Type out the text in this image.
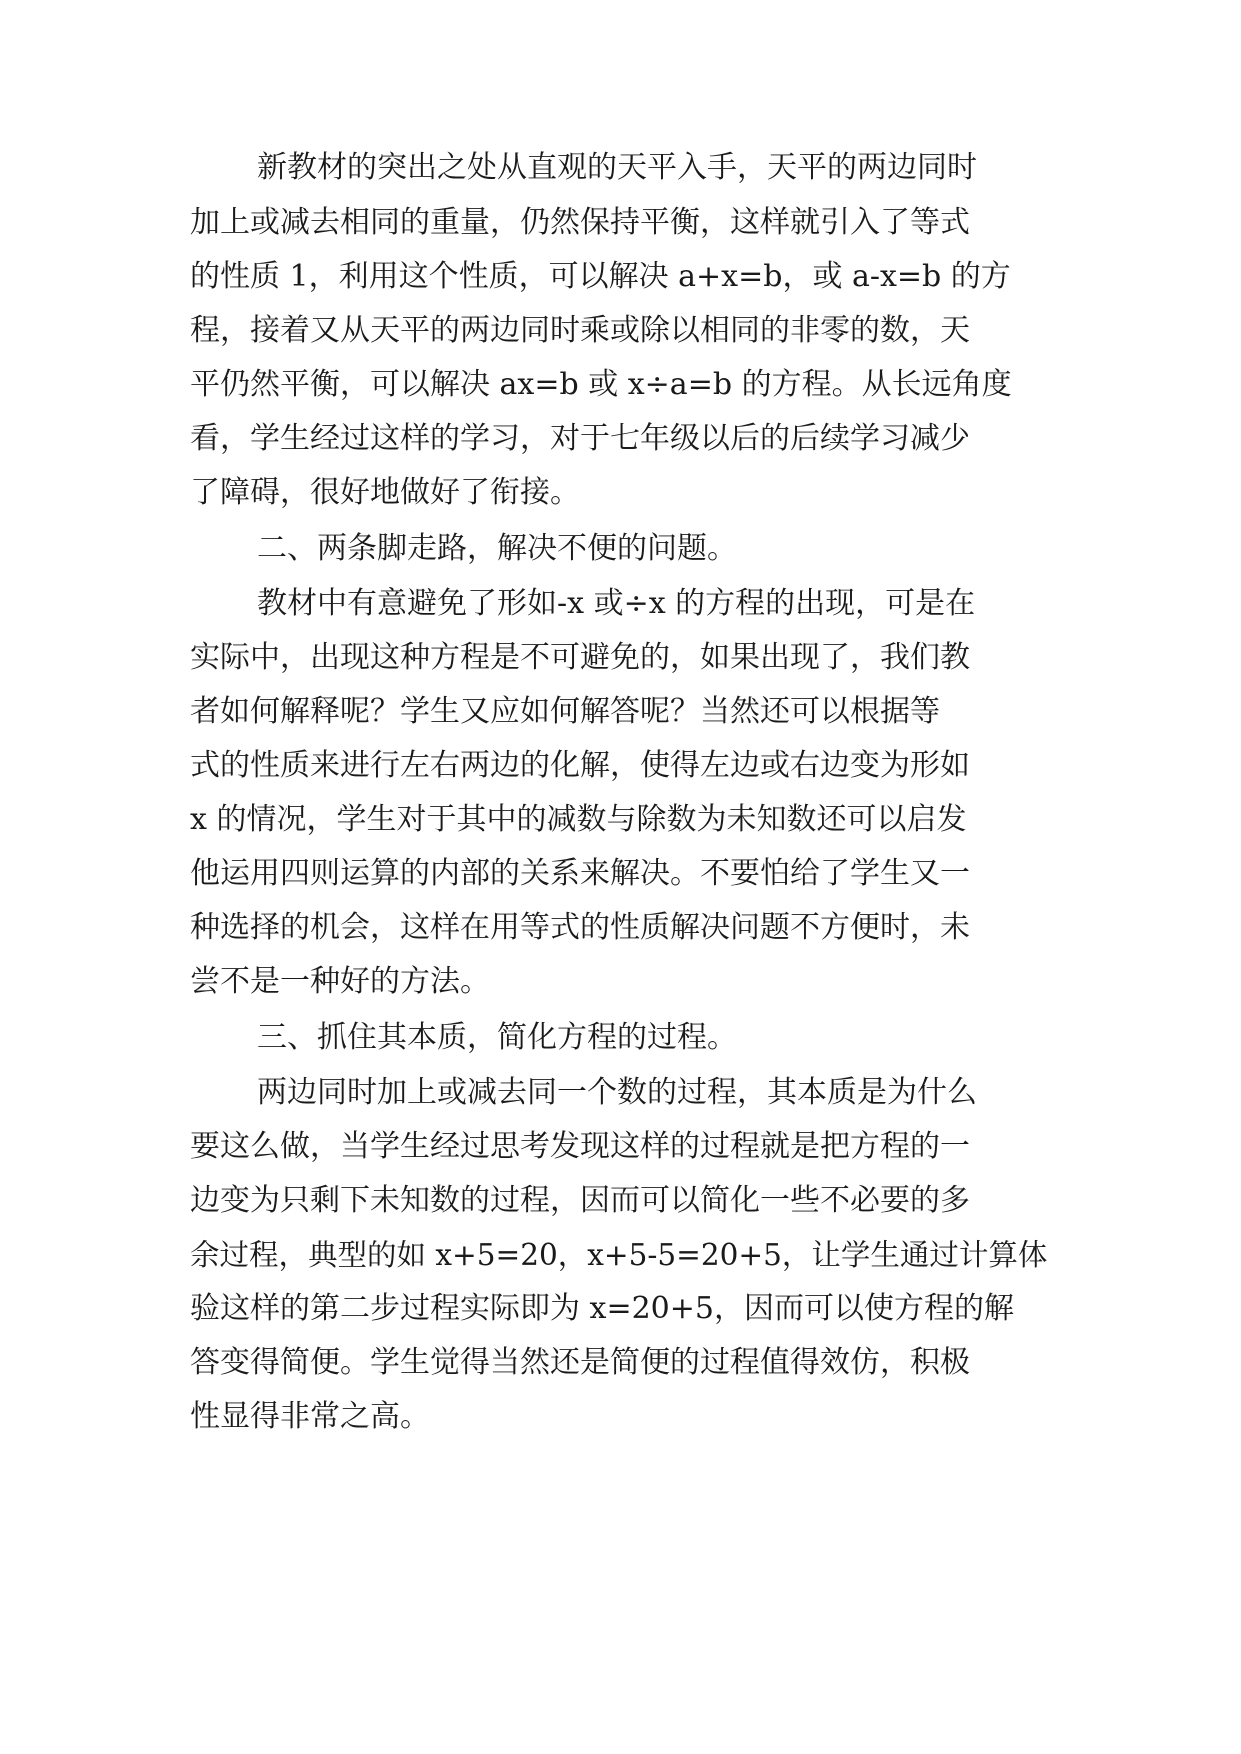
新教材的突出之处从直观的天平入手，天平的两边同时
加上或减去相同的重量，仍然保持平衡，这样就引入了等式
的性质 1，利用这个性质，可以解决 a+x=b，或 a-x=b 的方
程，接着又从天平的两边同时乘或除以相同的非零的数，天
平仍然平衡，可以解决 ax=b 或 x÷a=b 的方程。从长远角度
看，学生经过这样的学习，对于七年级以后的后续学习减少
了障碍，很好地做好了衔接。
二、两条脚走路，解决不便的问题。
教材中有意避免了形如-x 或÷x 的方程的出现，可是在
实际中，出现这种方程是不可避免的，如果出现了，我们教
者如何解释呢？学生又应如何解答呢？当然还可以根据等
式的性质来进行左右两边的化解，使得左边或右边变为形如
x 的情况，学生对于其中的减数与除数为未知数还可以启发
他运用四则运算的内部的关系来解决。不要怕给了学生又一
种选择的机会，这样在用等式的性质解决问题不方便时，未
尝不是一种好的方法。
三、抓住其本质，简化方程的过程。
两边同时加上或减去同一个数的过程，其本质是为什么
要这么做，当学生经过思考发现这样的过程就是把方程的一
边变为只剩下未知数的过程，因而可以简化一些不必要的多
余过程，典型的如 x+5=20，x+5-5=20+5，让学生通过计算体
验这样的第二步过程实际即为 x=20+5，因而可以使方程的解
答变得简便。学生觉得当然还是简便的过程值得效仿，积极
性显得非常之高。
